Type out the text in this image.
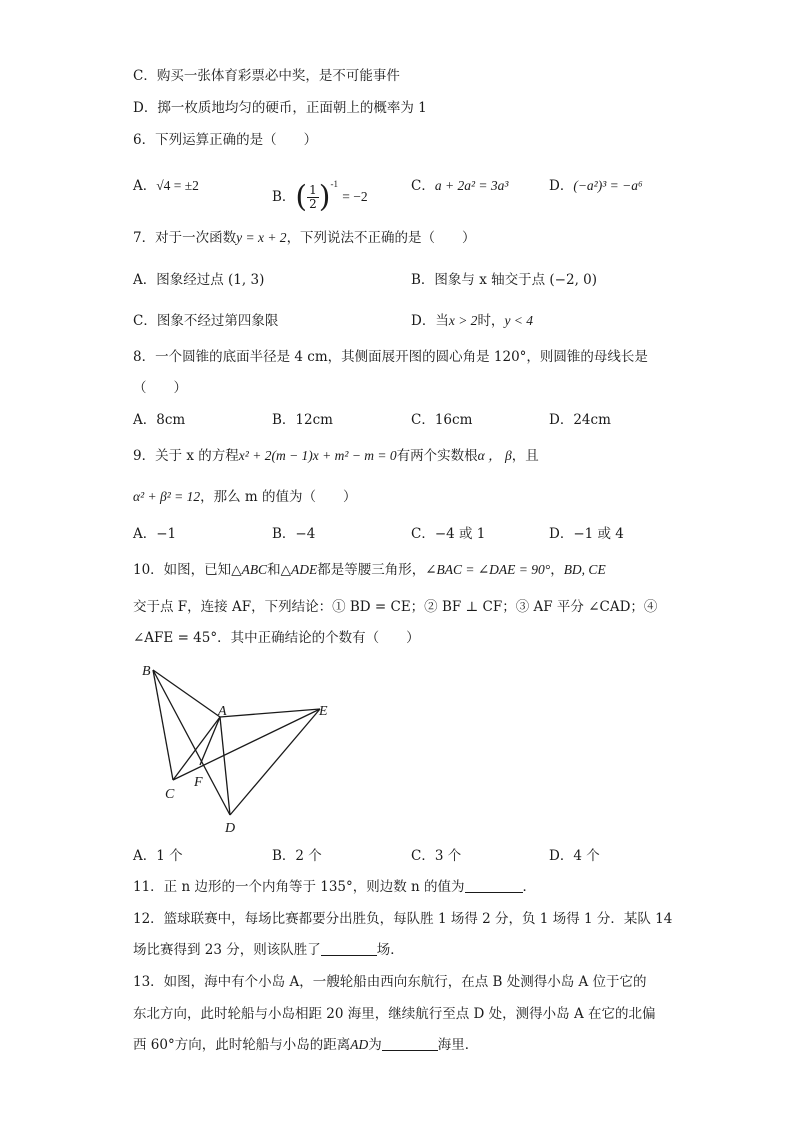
C．购买一张体育彩票必中奖，是不可能事件
D．掷一枚质地均匀的硬币，正面朝上的概率为 1
6．下列运算正确的是（　　）
A．√4 = ±2
B．( $\frac{1}{2} )^{-1} = -2$
C．a + 2a² = 3a³	D．(−a²)³ = −a⁶
7．对于一次函数y = x + 2，下列说法不正确的是（　　）
A．图象经过点 (1, 3)	B．图象与 x 轴交于点 (−2, 0)
C．图象不经过第四象限	D．当x > 2时，y < 4
8．一个圆锥的底面半径是 4 cm，其侧面展开图的圆心角是 120°，则圆锥的母线长是
（　　）
A．8cm	B．12cm	C．16cm	D．24cm
9．关于 x 的方程x² + 2(m − 1)x + m² − m = 0有两个实数根α ， β，且
α² + β² = 12，那么 m 的值为（　　）
A．−1	B．−4	C．−4 或 1	D．−1 或 4
10．如图，已知△ABC和△ADE都是等腰三角形，∠BAC = ∠DAE = 90°，BD, CE
交于点 F，连接 AF，下列结论：① BD = CE；② BF ⊥ CF；③ AF 平分 ∠CAD；④
∠AFE = 45°．其中正确结论的个数有（　　）
B
A	E
C
F
D
A．1 个	B．2 个	C．3 个	D．4 个
11．正 n 边形的一个内角等于 135°，则边数 n 的值为	．
12．篮球联赛中，每场比赛都要分出胜负，每队胜 1 场得 2 分，负 1 场得 1 分．某队 14
场比赛得到 23 分，则该队胜了	场．
13．如图，海中有个小岛 A，一艘轮船由西向东航行，在点 B 处测得小岛 A 位于它的
东北方向，此时轮船与小岛相距 20 海里，继续航行至点 D 处，测得小岛 A 在它的北偏
西 60°方向，此时轮船与小岛的距离AD为	海里．
